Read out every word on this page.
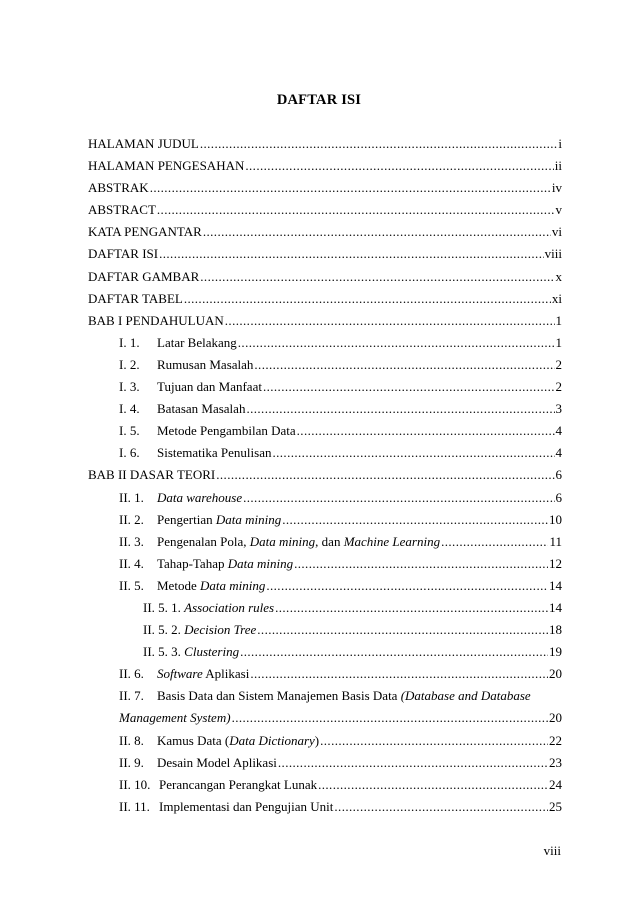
DAFTAR ISI
HALAMAN JUDUL .....	i
HALAMAN PENGESAHAN .....	ii
ABSTRAK .....	iv
ABSTRACT .....	v
KATA PENGANTAR .....	vi
DAFTAR ISI .....	viii
DAFTAR GAMBAR .....	x
DAFTAR TABEL .....	xi
BAB I PENDAHULUAN .....	1
I. 1.	Latar Belakang .....	1
I. 2.	Rumusan Masalah .....	2
I. 3.	Tujuan dan Manfaat .....	2
I. 4.	Batasan Masalah .....	3
I. 5.	Metode Pengambilan Data .....	4
I. 6.	Sistematika Penulisan .....	4
BAB II DASAR TEORI .....	6
II. 1.	Data warehouse .....	6
II. 2.	Pengertian Data mining .....	10
II. 3.	Pengenalan Pola, Data mining, dan Machine Learning .....	11
II. 4.	Tahap-Tahap Data mining .....	12
II. 5.	Metode Data mining .....	14
II. 5. 1. Association rules .....	14
II. 5. 2. Decision Tree .....	18
II. 5. 3. Clustering .....	19
II. 6.	Software Aplikasi .....	20
II. 7.	Basis Data dan Sistem Manajemen Basis Data (Database and Database
Management System) .....	20
II. 8.	Kamus Data (Data Dictionary) .....	22
II. 9.	Desain Model Aplikasi .....	23
II. 10. Perancangan Perangkat Lunak .....	24
II. 11. Implementasi dan Pengujian Unit .....	25
viii
